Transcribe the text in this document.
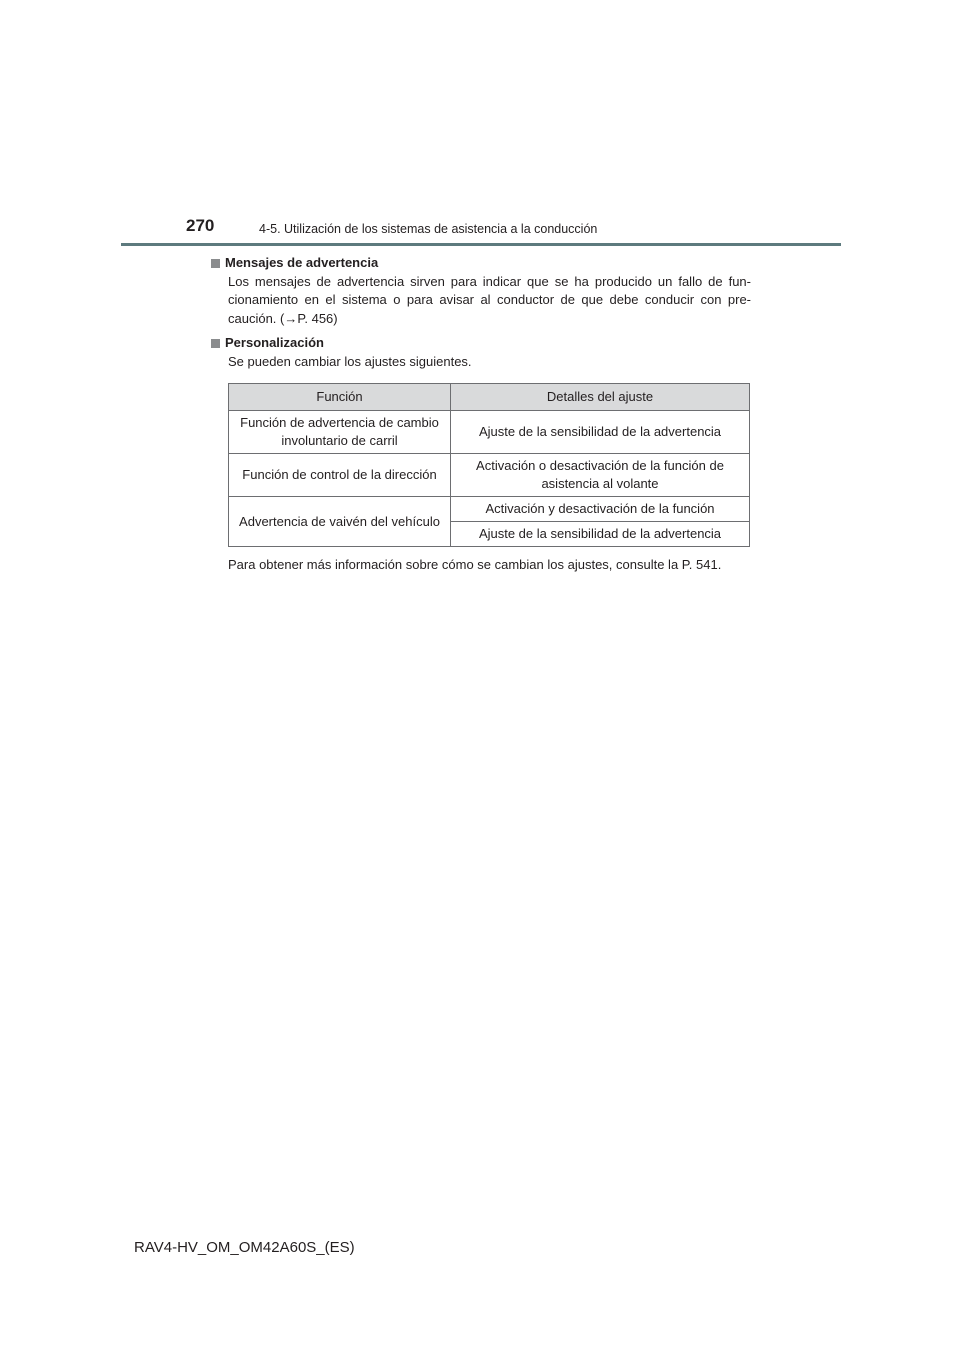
270	4-5. Utilización de los sistemas de asistencia a la conducción
Mensajes de advertencia
Los mensajes de advertencia sirven para indicar que se ha producido un fallo de fun-cionamiento en el sistema o para avisar al conductor de que debe conducir con pre-caución. (→P. 456)
Personalización
Se pueden cambiar los ajustes siguientes.
Función	Detalles del ajuste
Función de advertencia de cambio involuntario de carril	Ajuste de la sensibilidad de la advertencia
Función de control de la dirección	Activación o desactivación de la función de asistencia al volante
Advertencia de vaivén del vehículo	Activación y desactivación de la función
	Ajuste de la sensibilidad de la advertencia
Para obtener más información sobre cómo se cambian los ajustes, consulte la P. 541.
RAV4-HV_OM_OM42A60S_(ES)
